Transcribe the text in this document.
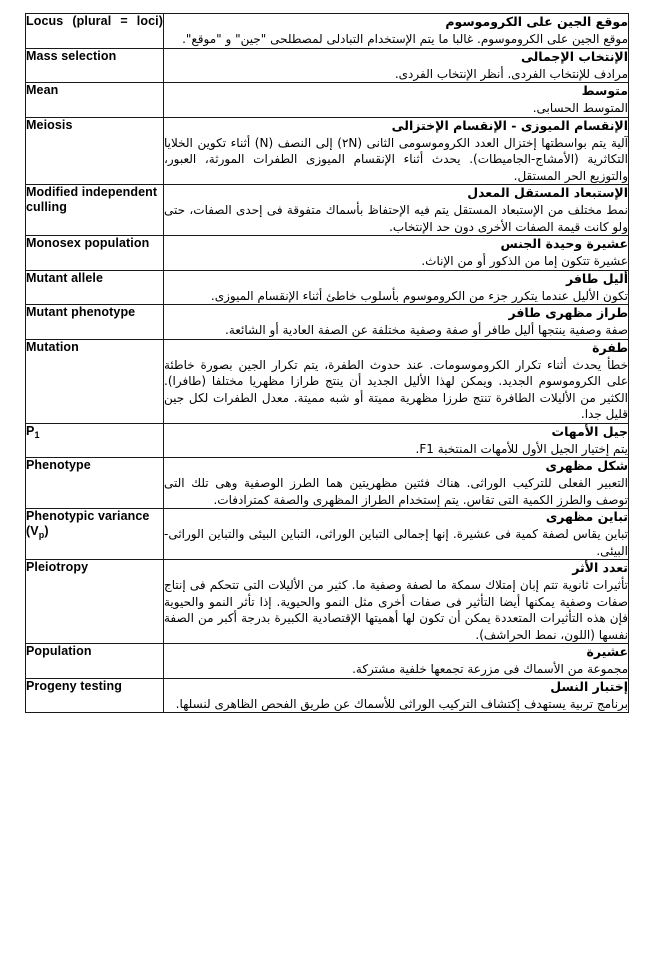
Locus (plural = loci)	موقع الجين على الكروموسوم
موقع الجين على الكروموسوم. غالبا ما يتم الإستخدام التبادلى لمصطلحى "جين" و "موقع".

Mass selection	الإنتخاب الإجمالى
مرادف للإنتخاب الفردى. أنظر الإنتخاب الفردى.

Mean	متوسط
المتوسط الحسابى.

Meiosis	الإنقسام الميوزى - الإنقسام الإختزالى
آلية يتم بواسطتها إختزال العدد الكروموسومى الثانى (٢N) إلى النصف (N) أثناء تكوين الخلايا التكاثرية (الأمشاج-الجاميطات). يحدث أثناء الإنقسام الميوزى الطفرات المورثة، العبور، والتوزيع الحر المستقل.

Modified independent culling	الإستبعاد المستقل المعدل
نمط مختلف من الإستبعاد المستقل يتم فيه الإحتفاظ بأسماك متفوقة فى إحدى الصفات، حتى ولو كانت قيمة الصفات الأخرى دون حد الإنتخاب.

Monosex population	عشيرة وحيدة الجنس
عشيرة تتكون إما من الذكور أو من الإناث.

Mutant allele	أليل طافر
تكون الأليل عندما يتكرر جزء من الكروموسوم بأسلوب خاطئ أثناء الإنقسام الميوزى.

Mutant phenotype	طراز مظهرى طافر
صفة وصفية ينتجها أليل طافر أو صفة وصفية مختلفة عن الصفة العادية أو الشائعة.

Mutation	طفرة
خطأ يحدث أثناء تكرار الكروموسومات. عند حدوث الطفرة، يتم تكرار الجين بصورة خاطئة على الكروموسوم الجديد. ويمكن لهذا الأليل الجديد أن ينتج طرازا مظهريا مختلفا (طافرا). الكثير من الأليلات الطافرة تنتج طرزا مظهرية مميتة أو شبه مميتة. معدل الطفرات لكل جين قليل جدا.

$P_1$	جيل الأمهات
يتم إختيار الجيل الأول للأمهات المنتخبة F1.

Phenotype	شكل مظهرى
التعبير الفعلى للتركيب الوراثى. هناك فئتين مظهريتين هما الطرز الوصفية وهى تلك التى توصف والطرز الكمية التى تقاس. يتم إستخدام الطراز المظهرى والصفة كمترادفات.

Phenotypic variance $(V_p)$	تباين مظهرى
تباين يقاس لصفة كمية فى عشيرة. إنها إجمالى التباين الوراثى، التباين البيئى والتباين الوراثى-البيئى.

Pleiotropy	تعدد الأثر
تأثيرات ثانوية تتم إبان إمتلاك سمكة ما لصفة وصفية ما. كثير من الأليلات التى تتحكم فى إنتاج صفات وصفية يمكنها أيضا التأثير فى صفات أخرى مثل النمو والحيوية. إذا تأثر النمو والحيوية فإن هذه التأثيرات المتعددة يمكن أن تكون لها أهميتها الإقتصادية الكبيرة بدرجة أكبر من الصفة نفسها (اللون، نمط الحراشف).

Population	عشيرة
مجموعة من الأسماك فى مزرعة تجمعها خلفية مشتركة.

Progeny testing	إختبار النسل
برنامج تربية يستهدف إكتشاف التركيب الوراثى للأسماك عن طريق الفحص الظاهرى لنسلها.
